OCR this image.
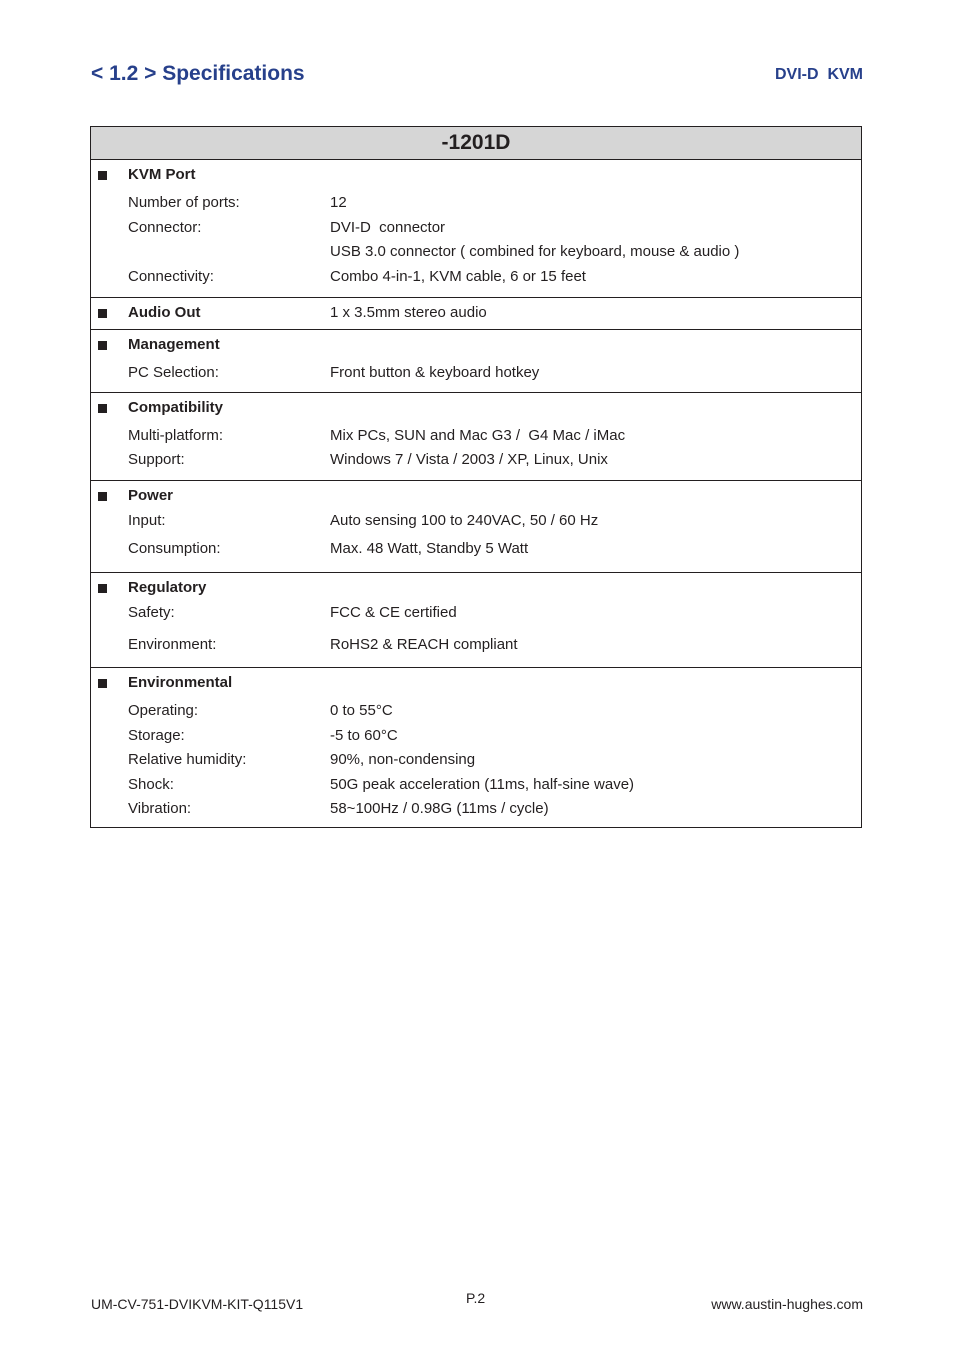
< 1.2 > Specifications	DVI-D  KVM
-1201D
KVM Port
Number of ports:	12
Connector:	DVI-D  connector
USB 3.0 connector ( combined for keyboard, mouse & audio )
Connectivity:	Combo 4-in-1, KVM cable, 6 or 15 feet
Audio Out	1 x 3.5mm stereo audio
Management
PC Selection:	Front button & keyboard hotkey
Compatibility
Multi-platform:	Mix PCs, SUN and Mac G3 /  G4 Mac / iMac
Support:	Windows 7 / Vista / 2003 / XP, Linux, Unix
Power
Input:	Auto sensing 100 to 240VAC, 50 / 60 Hz
Consumption:	Max. 48 Watt, Standby 5 Watt
Regulatory
Safety:	FCC & CE certified
Environment:	RoHS2 & REACH compliant
Environmental
Operating:	0 to 55°C
Storage:	-5 to 60°C
Relative humidity:	90%, non-condensing
Shock:	50G peak acceleration (11ms, half-sine wave)
Vibration:	58~100Hz / 0.98G (11ms / cycle)
UM-CV-751-DVIKVM-KIT-Q115V1	P.2	www.austin-hughes.com
